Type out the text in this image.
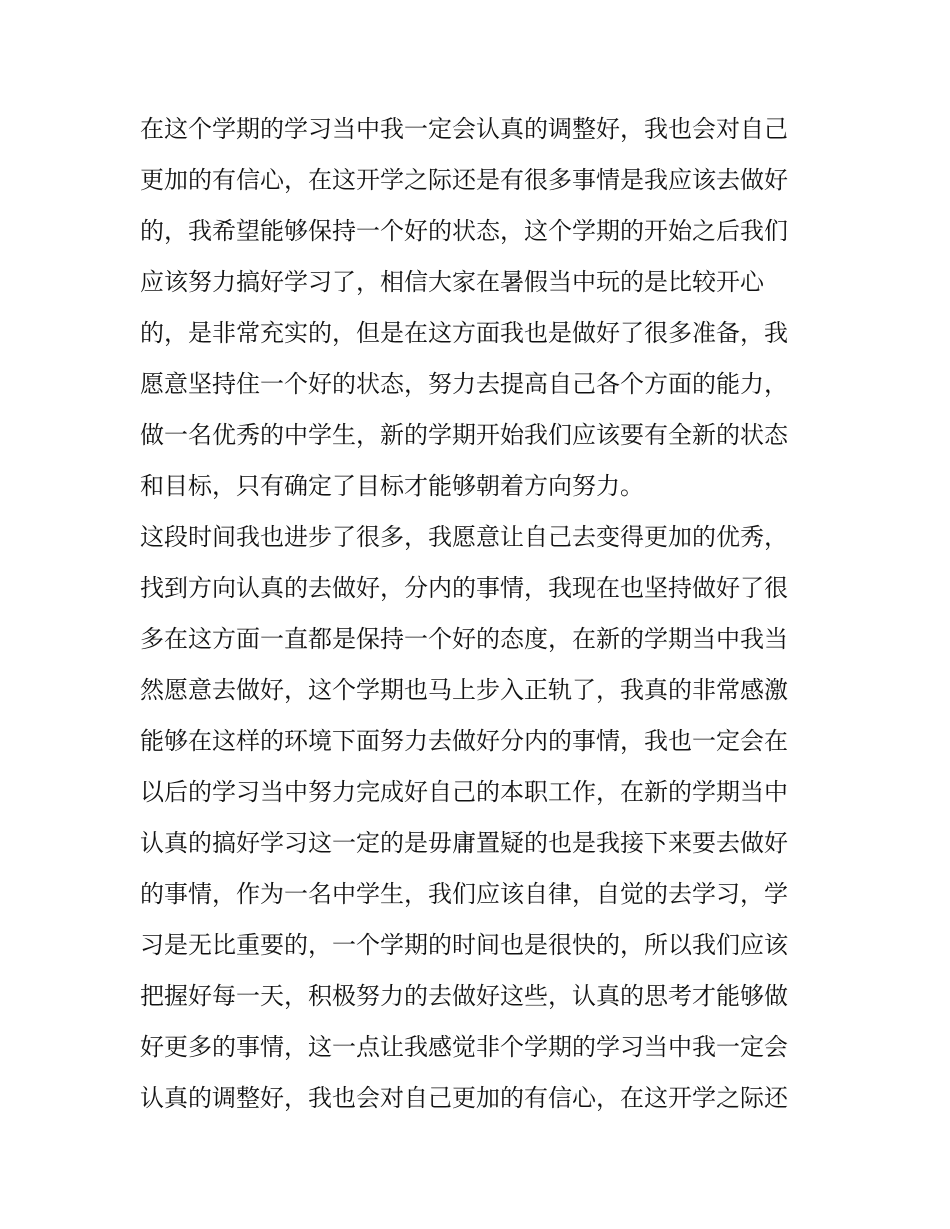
在这个学期的学习当中我一定会认真的调整好，我也会对自己
更加的有信心，在这开学之际还是有很多事情是我应该去做好
的，我希望能够保持一个好的状态，这个学期的开始之后我们
应该努力搞好学习了，相信大家在暑假当中玩的是比较开心
的，是非常充实的，但是在这方面我也是做好了很多准备，我
愿意坚持住一个好的状态，努力去提高自己各个方面的能力，
做一名优秀的中学生，新的学期开始我们应该要有全新的状态
和目标，只有确定了目标才能够朝着方向努力。
这段时间我也进步了很多，我愿意让自己去变得更加的优秀，
找到方向认真的去做好，分内的事情，我现在也坚持做好了很
多在这方面一直都是保持一个好的态度，在新的学期当中我当
然愿意去做好，这个学期也马上步入正轨了，我真的非常感激
能够在这样的环境下面努力去做好分内的事情，我也一定会在
以后的学习当中努力完成好自己的本职工作，在新的学期当中
认真的搞好学习这一定的是毋庸置疑的也是我接下来要去做好
的事情，作为一名中学生，我们应该自律，自觉的去学习，学
习是无比重要的，一个学期的时间也是很快的，所以我们应该
把握好每一天，积极努力的去做好这些，认真的思考才能够做
好更多的事情，这一点让我感觉非个学期的学习当中我一定会
认真的调整好，我也会对自己更加的有信心，在这开学之际还
